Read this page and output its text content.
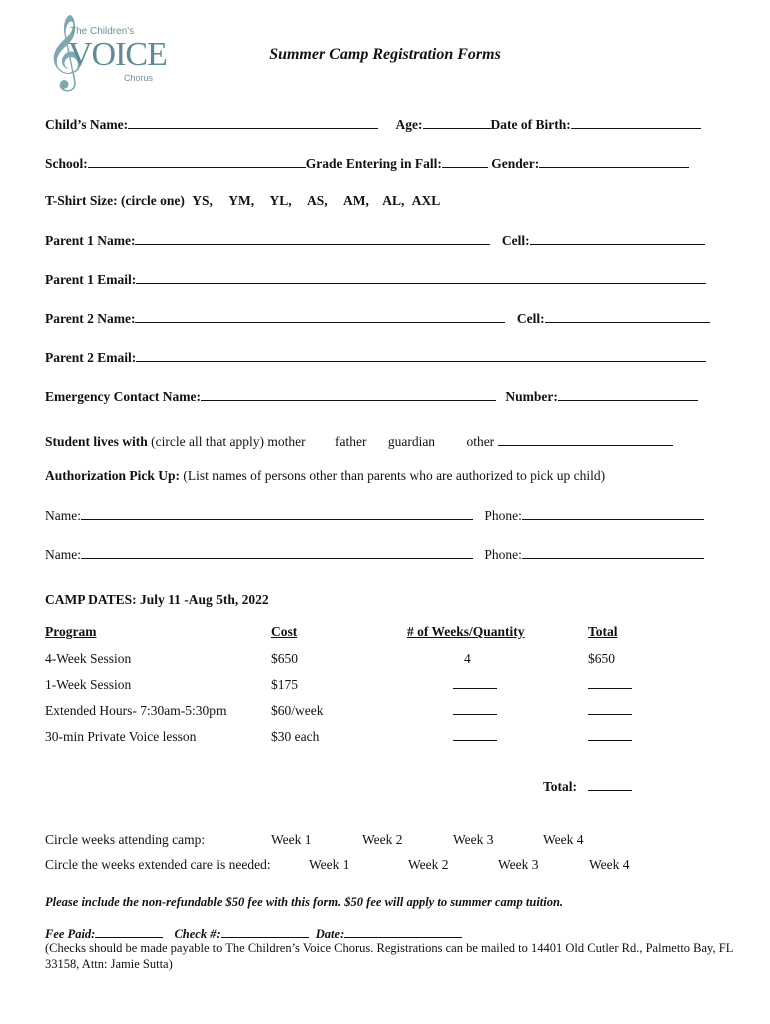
𝄞
The Children's
VOICE
Chorus
Summer Camp Registration Forms
Child’s Name:	Age:	Date of Birth:
School:	Grade Entering in Fall:	Gender:
T-Shirt Size: (circle one) YS, YM, YL, AS, AM, AL, AXL
Parent 1 Name:	Cell:
Parent 1 Email:
Parent 2 Name:	Cell:
Parent 2 Email:
Emergency Contact Name:	Number:
Student lives with (circle all that apply) mother father guardian other
Authorization Pick Up: (List names of persons other than parents who are authorized to pick up child)
Name:	Phone:
Name:	Phone:
CAMP DATES: July 11 -Aug 5th, 2022
Program	Cost	# of Weeks/Quantity	Total
4-Week Session	$650	4	$650
1-Week Session	$175
Extended Hours- 7:30am-5:30pm	$60/week
30-min Private Voice lesson	$30 each
Total:
Circle weeks attending camp:	Week 1	Week 2	Week 3	Week 4
Circle the weeks extended care is needed:	Week 1	Week 2	Week 3	Week 4
Please include the non-refundable $50 fee with this form. $50 fee will apply to summer camp tuition.
Fee Paid:	Check #:	Date:
(Checks should be made payable to The Children’s Voice Chorus. Registrations can be mailed to 14401 Old Cutler Rd., Palmetto Bay, FL 33158, Attn: Jamie Sutta)
